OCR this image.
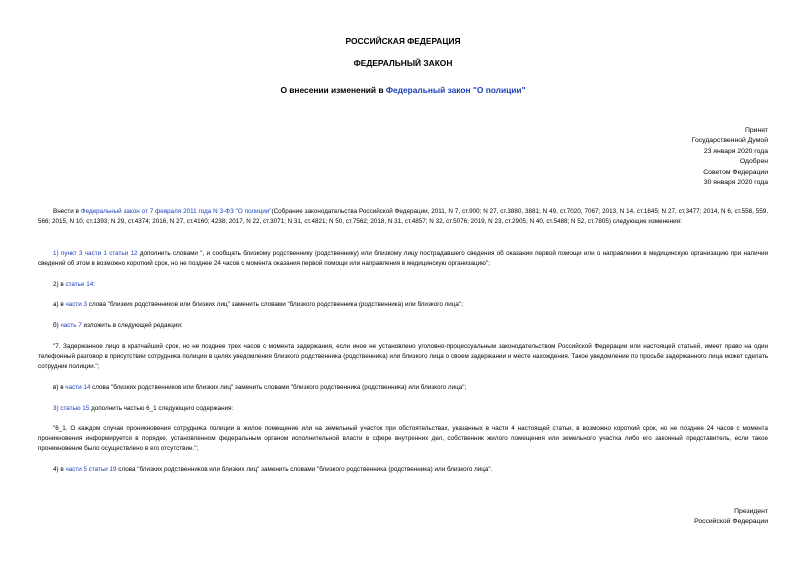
РОССИЙСКАЯ ФЕДЕРАЦИЯ
ФЕДЕРАЛЬНЫЙ ЗАКОН
О внесении изменений в Федеральный закон "О полиции"
Принят
Государственной Думой
23 января 2020 года
Одобрен
Советом Федерации
30 января 2020 года
Внести в Федеральный закон от 7 февраля 2011 года N 3-ФЗ "О полиции"(Собрание законодательства Российской Федерации, 2011, N 7, ст.900; N 27, ст.3880, 3881; N 49, ст.7020, 7067; 2013, N 14, ст.1645; N 27, ст.3477; 2014, N 6, ст.558, 559, 566; 2015, N 10, ст.1393; N 29, ст.4374; 2016, N 27, ст.4160; 4238; 2017, N 22, ст.3071; N 31, ст.4821; N 50, ст.7562; 2018, N 31, ст.4857; N 32, ст.5076; 2019, N 23, ст.2905; N 40, ст.5488; N 52, ст.7805) следующие изменения:
1) пункт 3 части 1 статьи 12 дополнить словами ", и сообщать близкому родственнику (родственнику) или близкому лицу пострадавшего сведения об оказании первой помощи или о направлении в медицинскую организацию при наличии сведений об этом в возможно короткий срок, но не позднее 24 часов с момента оказания первой помощи или направления в медицинскую организацию";
2) в статье 14:
а) в части 3 слова "близких родственников или близких лиц" заменить словами "близкого родственника (родственника) или близкого лица";
б) часть 7 изложить в следующей редакции:
"7. Задержанное лицо в кратчайший срок, но не позднее трех часов с момента задержания, если иное не установлено уголовно-процессуальным законодательством Российской Федерации или настоящей статьей, имеет право на один телефонный разговор в присутствии сотрудника полиции в целях уведомления близкого родственника (родственника) или близкого лица о своем задержании и месте нахождения. Такое уведомление по просьбе задержанного лица может сделать сотрудник полиции.";
в) в части 14 слова "близких родственников или близких лиц" заменить словами "близкого родственника (родственника) или близкого лица";
3) статью 15 дополнить частью 6_1 следующего содержания:
"6_1. О каждом случае проникновения сотрудника полиции в жилое помещение или на земельный участок при обстоятельствах, указанных в части 4 настоящей статьи, в возможно короткий срок, но не позднее 24 часов с момента проникновения информируется в порядке, установленном федеральным органом исполнительной власти в сфере внутренних дел, собственник жилого помещения или земельного участка либо его законный представитель, если такое проникновение было осуществлено в его отсутствие.";
4) в части 5 статьи 19 слова "близких родственников или близких лиц" заменить словами "близкого родственника (родственника) или близкого лица".
Президент
Российской Федерации
